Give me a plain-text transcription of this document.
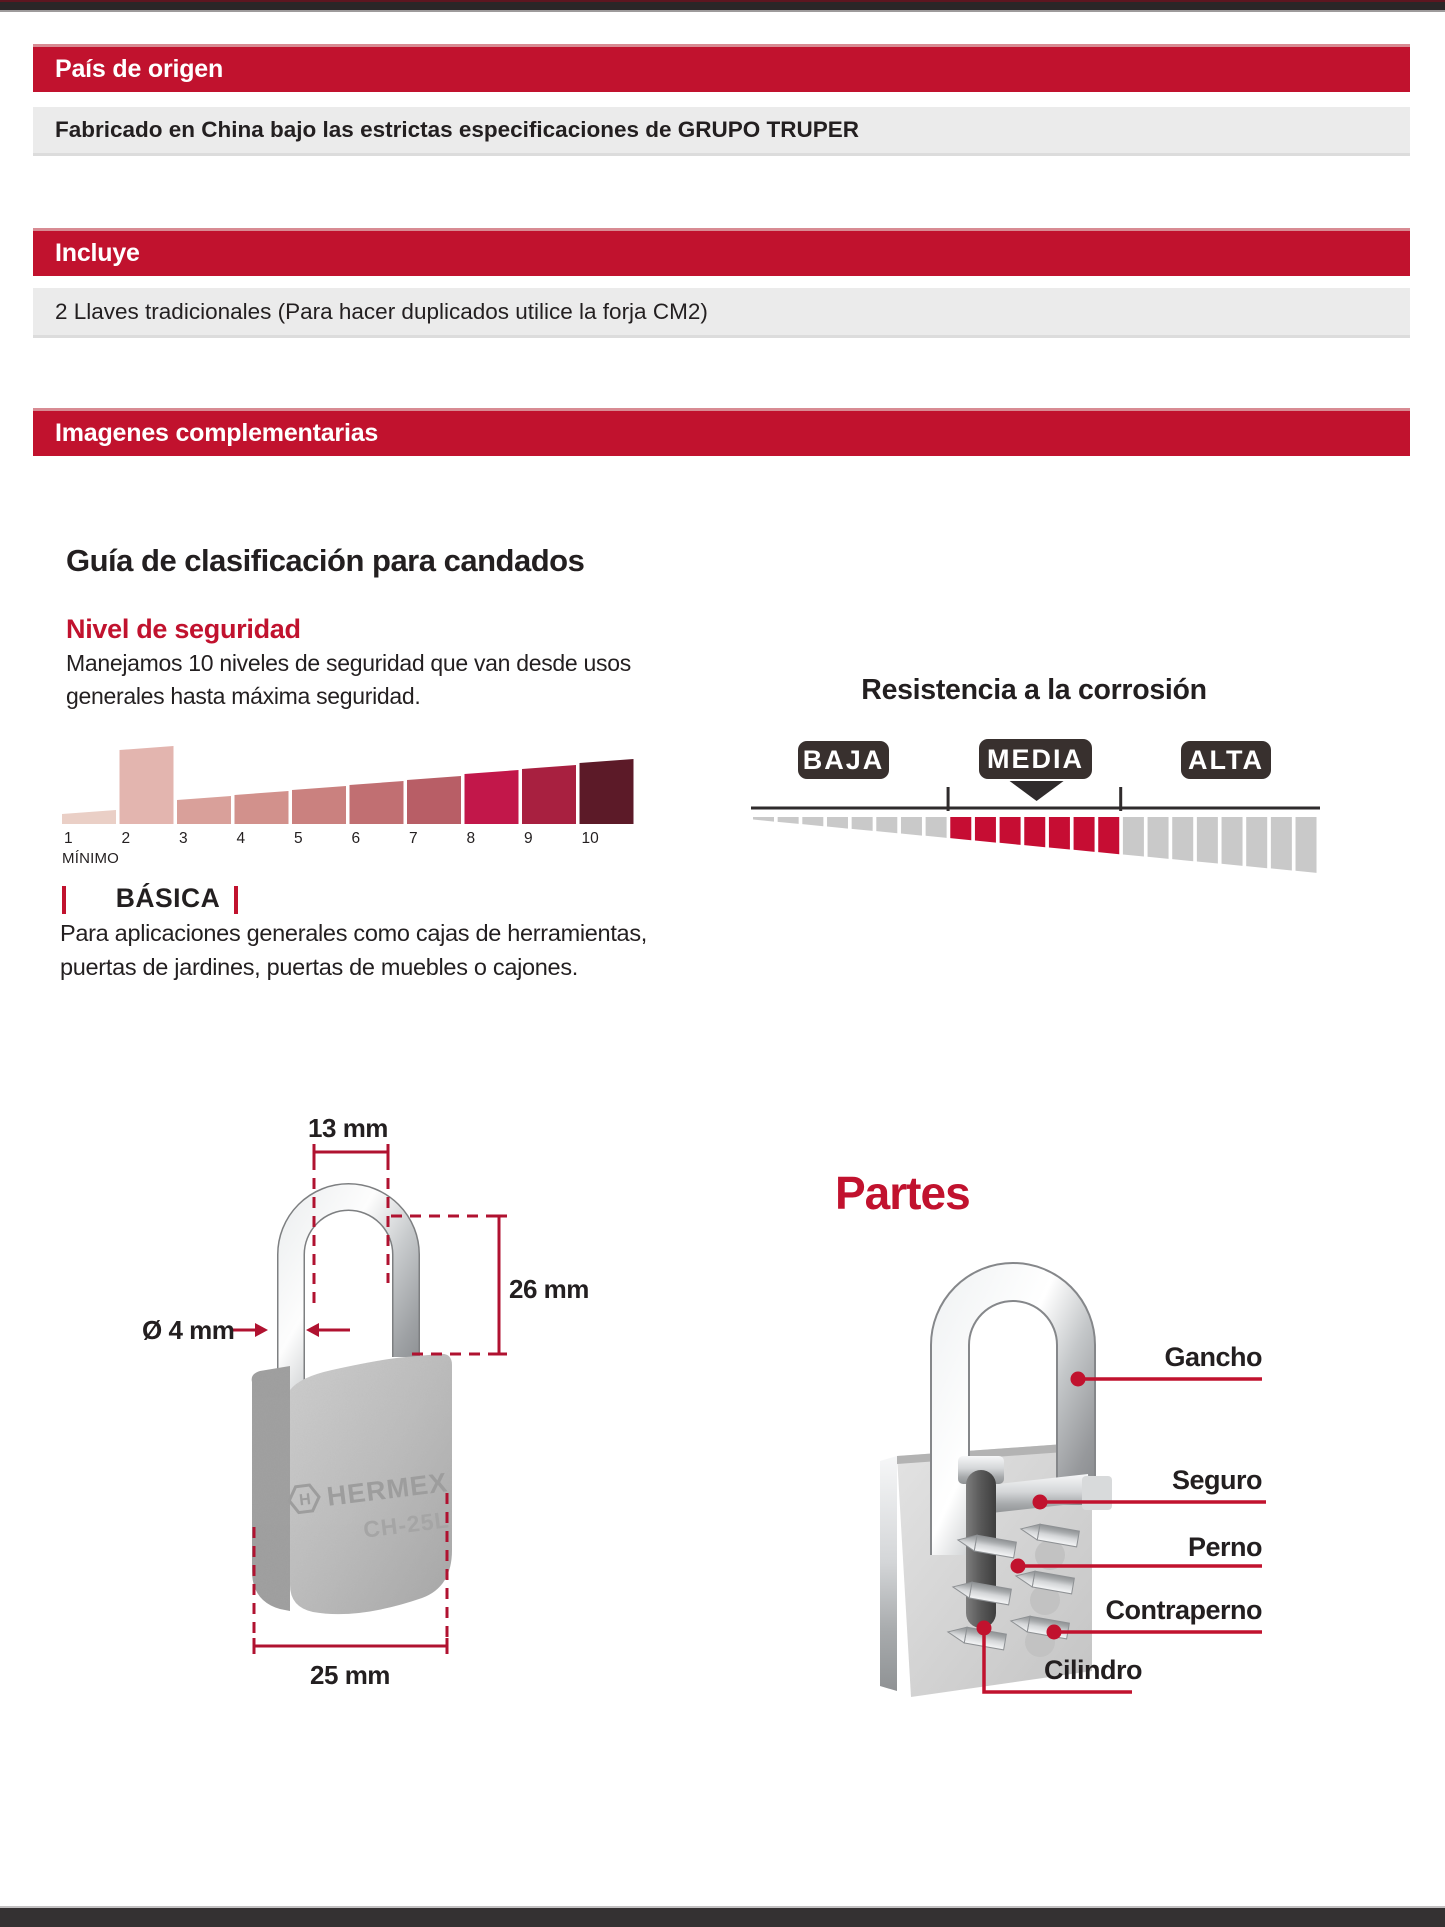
País de origen
Fabricado en China bajo las estrictas especificaciones de GRUPO TRUPER
Incluye
2 Llaves tradicionales (Para hacer duplicados utilice la forja CM2)
Imagenes complementarias
Guía de clasificación para candados
Nivel de seguridad
Manejamos 10 niveles de seguridad que van desde usos
generales hasta máxima seguridad.
1	2	3	4	5	6	7	8	9	10
MÍNIMO
BÁSICA
Para aplicaciones generales como cajas de herramientas,
puertas de jardines, puertas de muebles o cajones.
Resistencia a la corrosión
BAJA	MEDIA	ALTA
H HERMEX
CH-25L
13 mm
26 mm
Ø 4 mm
25 mm
Partes
Gancho
Seguro
Perno
Contraperno
Cilindro
